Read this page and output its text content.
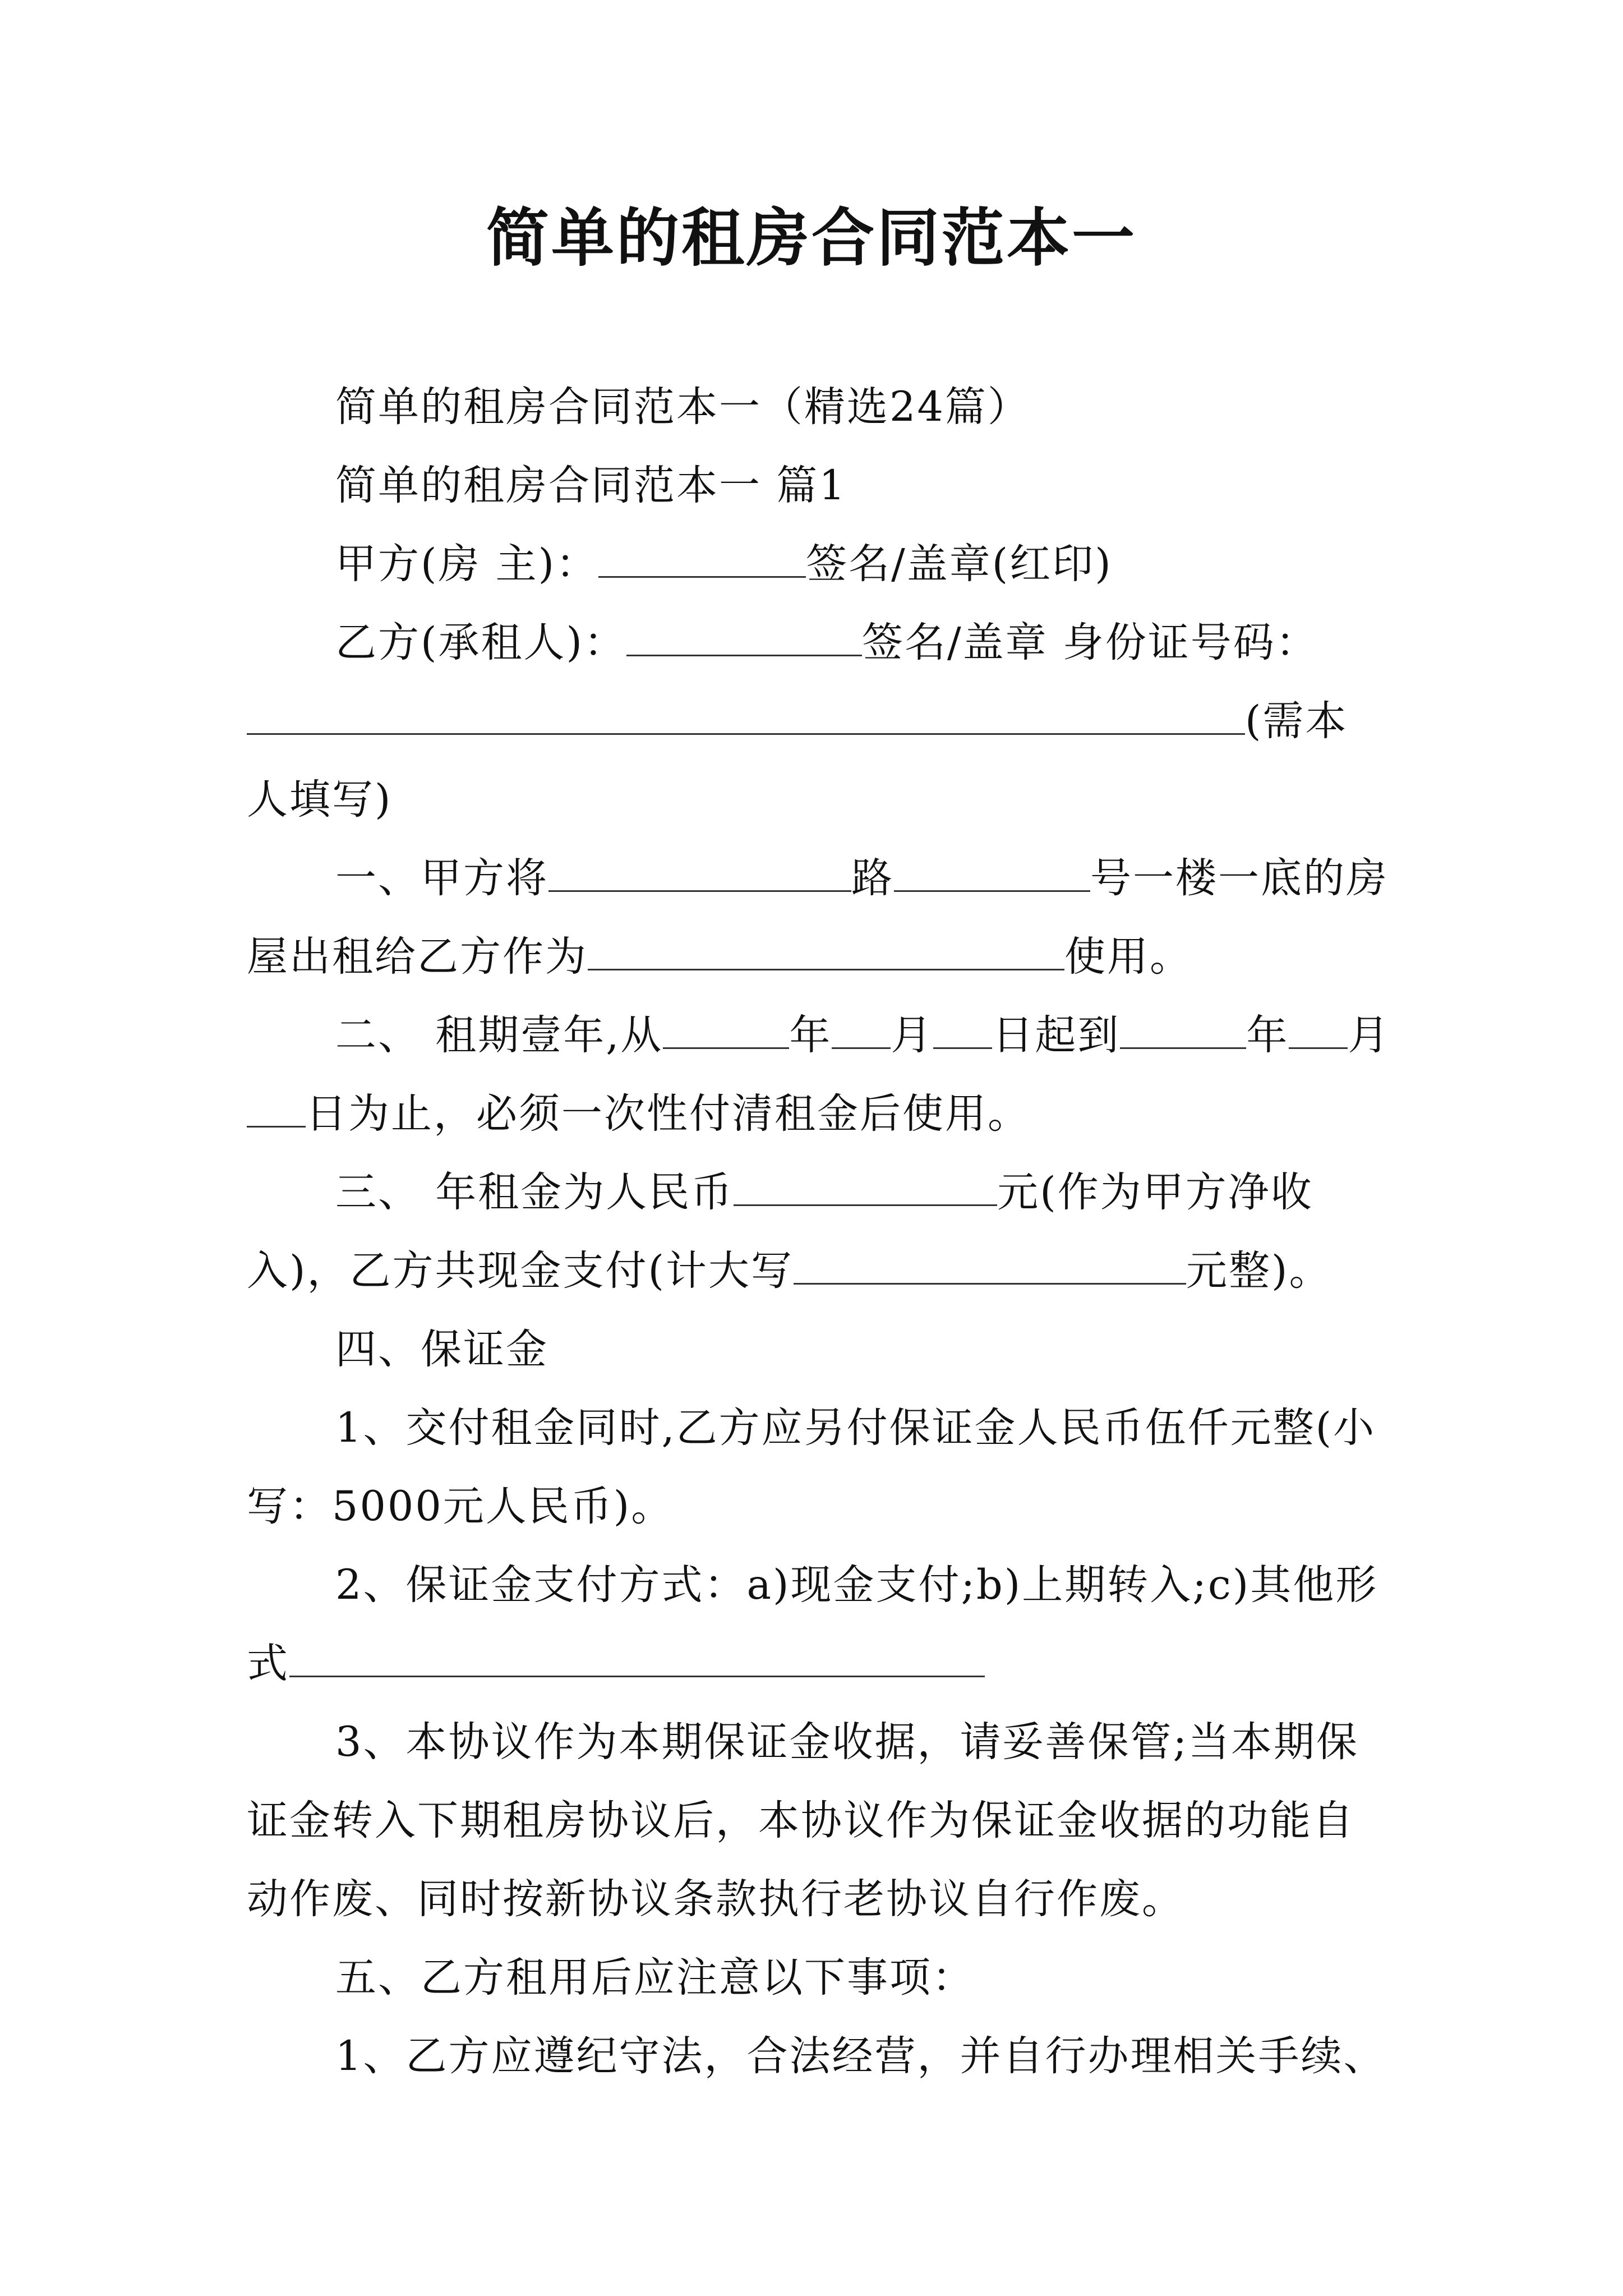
简单的租房合同范本一

简单的租房合同范本一（精选24篇）

简单的租房合同范本一 篇1

甲方(房 主)：	签名/盖章(红印)

乙方(承租人)：	签名/盖章 身份证号码：

(需本

人填写)

一、甲方将	路	号一楼一底的房屋出租给乙方作为	使用。

二、 租期壹年,从	年 月 日起到	年 月日为止，必须一次性付清租金后使用。

三、 年租金为人民币	元(作为甲方净收入)，乙方共现金支付(计大写	元整)。

四、保证金

1、交付租金同时,乙方应另付保证金人民币伍仟元整(小写：5000元人民币)。

2、保证金支付方式：a)现金支付;b)上期转入;c)其他形式

3、本协议作为本期保证金收据，请妥善保管;当本期保证金转入下期租房协议后，本协议作为保证金收据的功能自动作废、同时按新协议条款执行老协议自行作废。

五、乙方租用后应注意以下事项：

1、乙方应遵纪守法，合法经营，并自行办理相关手续、
